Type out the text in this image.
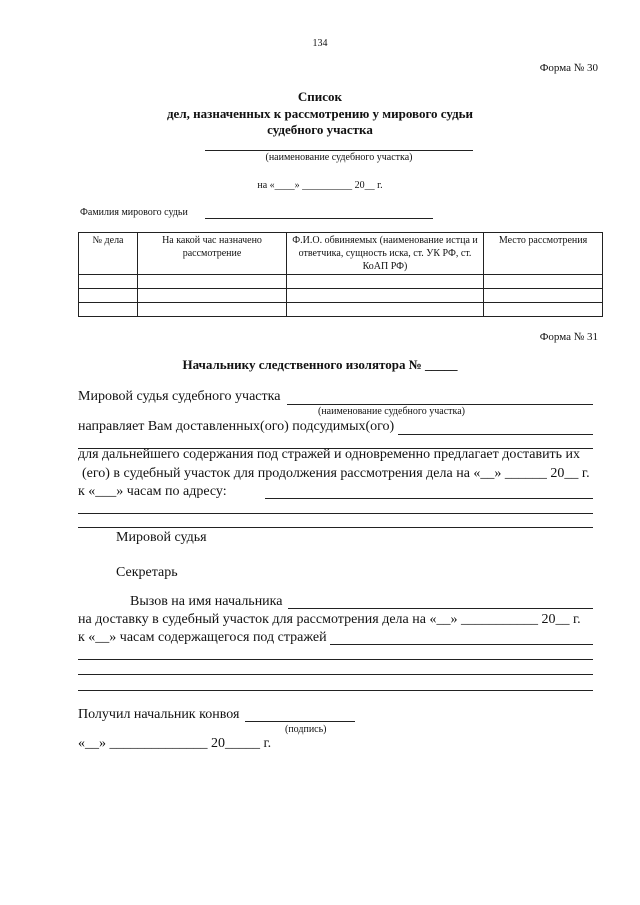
134
Форма № 30
Список
дел, назначенных к рассмотрению у мирового судьи
судебного участка
(наименование судебного участка)
на «____» __________ 20__ г.
Фамилия мирового судьи
№ дела	На какой час назначено рассмотрение	Ф.И.О. обвиняемых (наименование истца и ответчика, сущность иска, ст. УК РФ, ст. КоАП РФ)	Место рассмотрения

Форма № 31
Начальнику следственного изолятора № _____
Мировой судья судебного участка
(наименование судебного участка)
направляет Вам доставленных(ого) подсудимых(ого)
для дальнейшего содержания под стражей и одновременно предлагает доставить их
(его) в судебный участок для продолжения рассмотрения дела на «__» ______ 20__ г.
к «___» часам по адресу:
Мировой судья
Секретарь
Вызов на имя начальника
на доставку в судебный участок для рассмотрения дела на «__» ___________ 20__ г.
к «__» часам содержащегося под стражей
Получил начальник конвоя
(подпись)
«__» ______________ 20_____ г.
